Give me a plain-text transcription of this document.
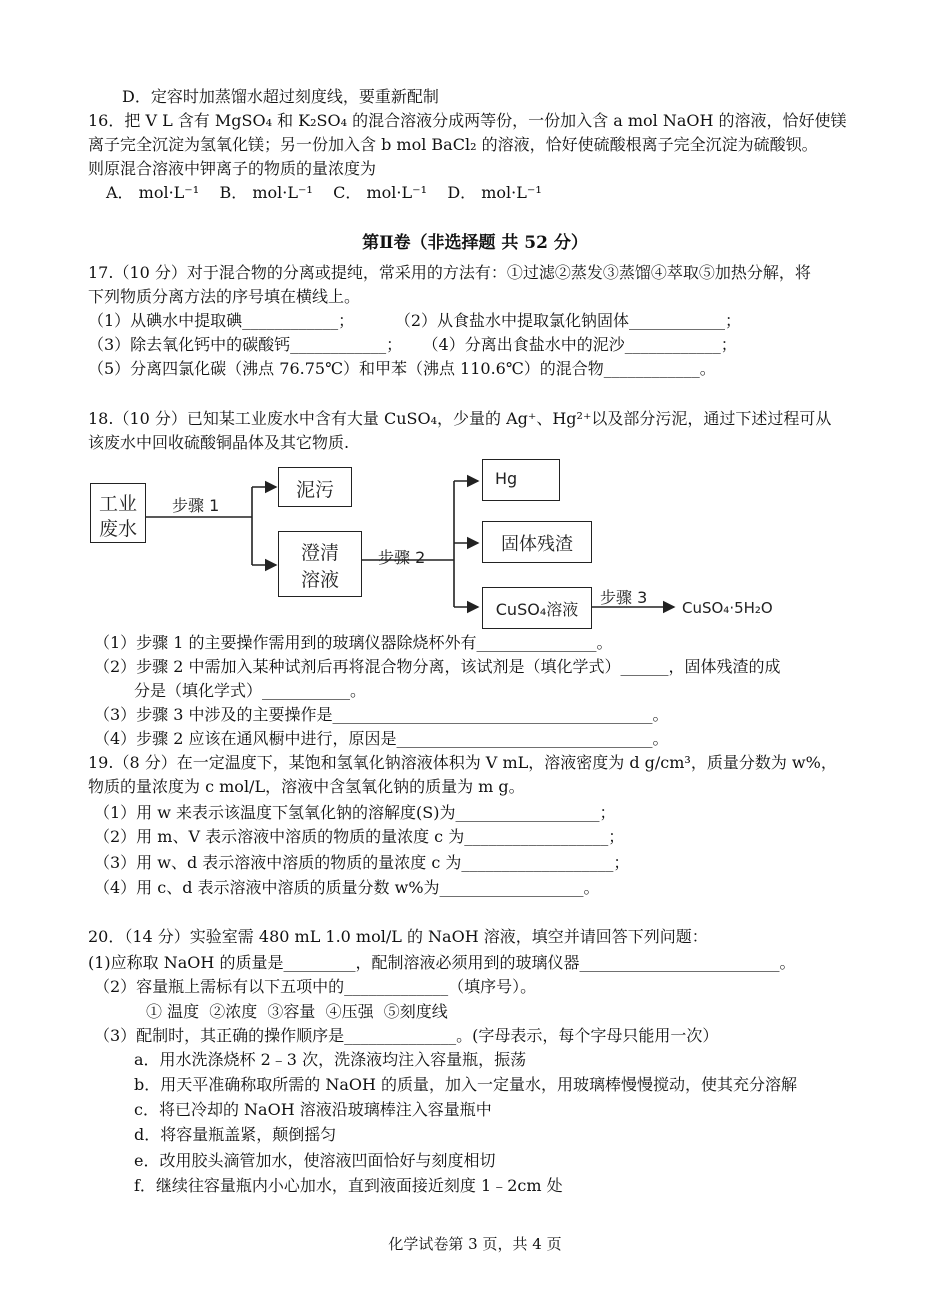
D．定容时加蒸馏水超过刻度线，要重新配制
16．把 V L 含有 MgSO₄ 和 K₂SO₄ 的混合溶液分成两等份，一份加入含 a mol NaOH 的溶液，恰好使镁
离子完全沉淀为氢氧化镁；另一份加入含 b mol BaCl₂ 的溶液，恰好使硫酸根离子完全沉淀为硫酸钡。
则原混合溶液中钾离子的物质的量浓度为
A． mol·L⁻¹    B． mol·L⁻¹    C． mol·L⁻¹    D． mol·L⁻¹
第Ⅱ卷（非选择题 共 52 分）
17.（10 分）对于混合物的分离或提纯，常采用的方法有：①过滤②蒸发③蒸馏④萃取⑤加热分解，将
下列物质分离方法的序号填在横线上。
（1）从碘水中提取碘____________；        （2）从食盐水中提取氯化钠固体____________；
（3）除去氧化钙中的碳酸钙____________；    （4）分离出食盐水中的泥沙____________；
（5）分离四氯化碳（沸点 76.75℃）和甲苯（沸点 110.6℃）的混合物____________。
18.（10 分）已知某工业废水中含有大量 CuSO₄，少量的 Ag⁺、Hg²⁺以及部分污泥，通过下述过程可从
该废水中回收硫酸铜晶体及其它物质.
工业
废水
步骤 1
泥污
澄清
溶液
步骤 2
Hg
固体残渣
CuSO₄溶液
步骤 3
CuSO₄·5H₂O
（1）步骤 1 的主要操作需用到的玻璃仪器除烧杯外有_______________。
（2）步骤 2 中需加入某种试剂后再将混合物分离，该试剂是（填化学式）______，固体残渣的成
分是（填化学式）___________。
（3）步骤 3 中涉及的主要操作是________________________________________。
（4）步骤 2 应该在通风橱中进行，原因是________________________________。
19.（8 分）在一定温度下，某饱和氢氧化钠溶液体积为 V mL，溶液密度为 d g/cm³，质量分数为 w%，
物质的量浓度为 c mol/L，溶液中含氢氧化钠的质量为 m g。
（1）用 w 来表示该温度下氢氧化钠的溶解度(S)为__________________；
（2）用 m、V 表示溶液中溶质的物质的量浓度 c 为__________________；
（3）用 w、d 表示溶液中溶质的物质的量浓度 c 为___________________；
（4）用 c、d 表示溶液中溶质的质量分数 w%为__________________。
20．（14 分）实验室需 480 mL 1.0 mol/L 的 NaOH 溶液，填空并请回答下列问题：
(1)应称取 NaOH 的质量是_________，配制溶液必须用到的玻璃仪器_________________________。
（2）容量瓶上需标有以下五项中的_____________（填序号）。
① 温度  ②浓度  ③容量  ④压强  ⑤刻度线
（3）配制时，其正确的操作顺序是______________。(字母表示，每个字母只能用一次）
a．用水洗涤烧杯 2﹣3 次，洗涤液均注入容量瓶，振荡
b．用天平准确称取所需的 NaOH 的质量，加入一定量水，用玻璃棒慢慢搅动，使其充分溶解
c．将已冷却的 NaOH 溶液沿玻璃棒注入容量瓶中
d．将容量瓶盖紧，颠倒摇匀
e．改用胶头滴管加水，使溶液凹面恰好与刻度相切
f．继续往容量瓶内小心加水，直到液面接近刻度 1﹣2cm 处
化学试卷第 3 页，共 4 页
